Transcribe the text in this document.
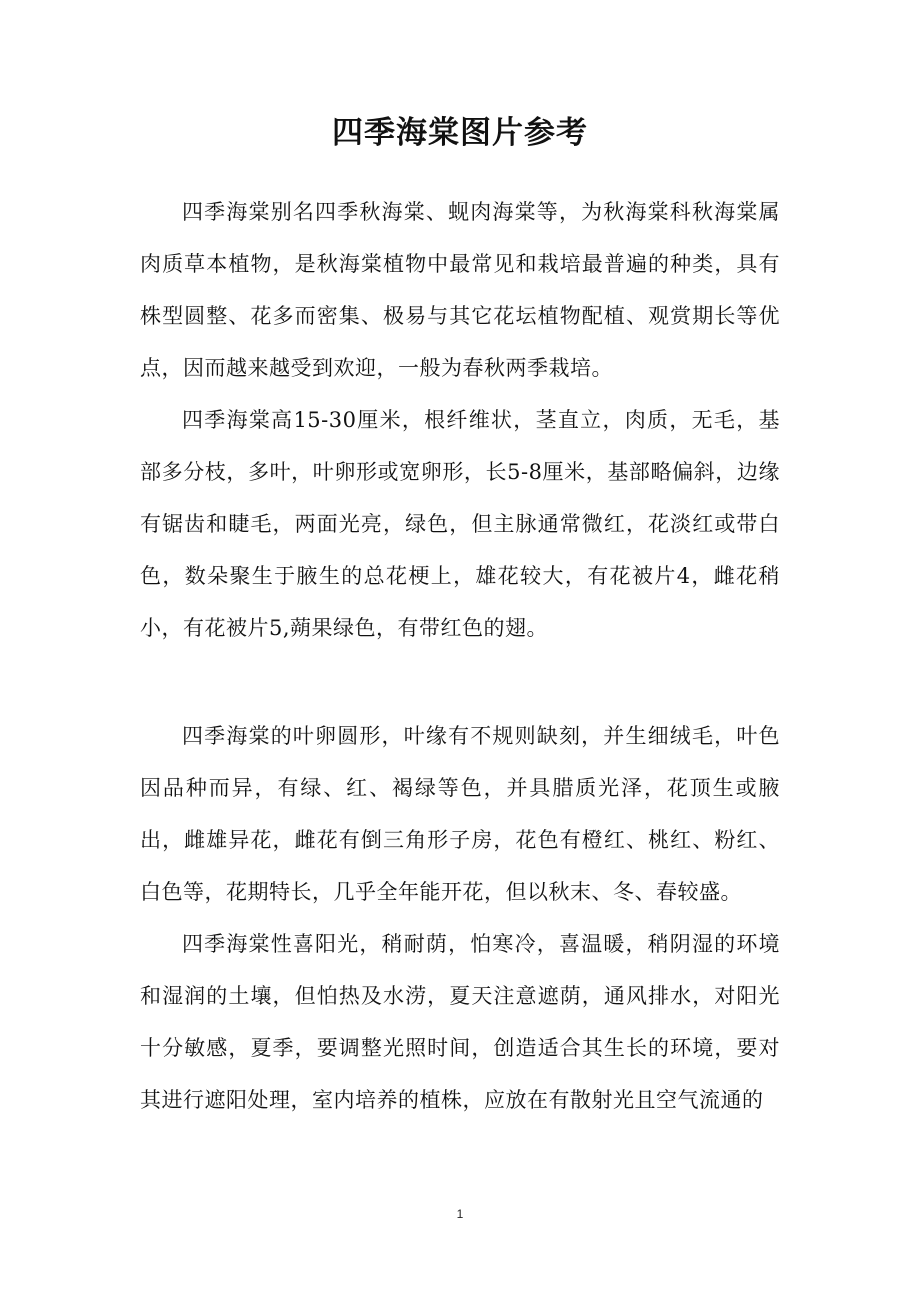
四季海棠图片参考

四季海棠别名四季秋海棠、蚬肉海棠等，为秋海棠科秋海棠属肉质草本植物，是秋海棠植物中最常见和栽培最普遍的种类，具有株型圆整、花多而密集、极易与其它花坛植物配植、观赏期长等优点，因而越来越受到欢迎，一般为春秋两季栽培。

四季海棠高15-30厘米，根纤维状，茎直立，肉质，无毛，基部多分枝，多叶，叶卵形或宽卵形，长5-8厘米，基部略偏斜，边缘有锯齿和睫毛，两面光亮，绿色，但主脉通常微红，花淡红或带白色，数朵聚生于腋生的总花梗上，雄花较大，有花被片4，雌花稍小，有花被片5,蒴果绿色，有带红色的翅。

四季海棠的叶卵圆形，叶缘有不规则缺刻，并生细绒毛，叶色因品种而异，有绿、红、褐绿等色，并具腊质光泽，花顶生或腋出，雌雄异花，雌花有倒三角形子房，花色有橙红、桃红、粉红、白色等，花期特长，几乎全年能开花，但以秋末、冬、春较盛。

四季海棠性喜阳光，稍耐荫，怕寒冷，喜温暖，稍阴湿的环境和湿润的土壤，但怕热及水涝，夏天注意遮荫，通风排水，对阳光十分敏感，夏季，要调整光照时间，创造适合其生长的环境，要对其进行遮阳处理，室内培养的植株，应放在有散射光且空气流通的

1
